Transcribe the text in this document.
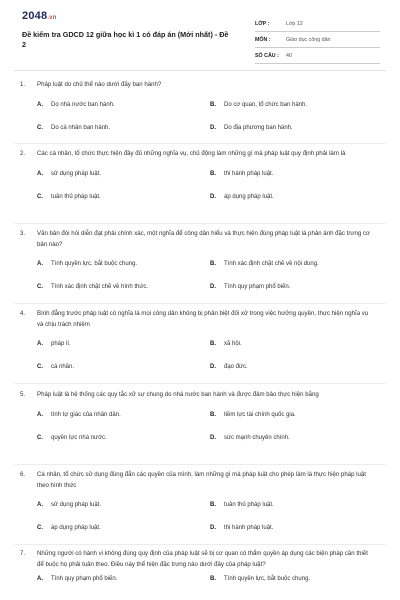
2048.vn
Đề kiểm tra GDCD 12 giữa học kì 1 có đáp án (Mới nhất) - Đề 2
LỚP :	Lớp 12
MÔN :	Giáo dục công dân
SỐ CÂU :	40
1.	Pháp luật do chủ thể nào dưới đây ban hành?
A.	Do nhà nước ban hành.	B.	Do cơ quan, tổ chức ban hành.
C.	Do cá nhân ban hành.	D.	Do địa phương ban hành.
2.	Các cá nhân, tổ chức thực hiện đầy đủ những nghĩa vụ, chủ động làm những gì mà pháp luật quy định phải làm là
A.	sử dụng pháp luật.	B.	thi hành pháp luật.
C.	tuân thủ pháp luật.	D.	áp dụng pháp luật.
3.	Văn bản đòi hỏi diễn đạt phải chính xác, một nghĩa để công dân hiểu và thực hiện đúng pháp luật là phản ánh đặc trưng cơ bản nào?
A.	Tính quyền lực, bắt buộc chung.	B.	Tính xác định chặt chẽ về nội dung.
C.	Tính xác định chặt chẽ về hình thức.	D.	Tính quy phạm phổ biến.
4.	Bình đẳng trước pháp luật có nghĩa là mọi công dân không bị phân biệt đối xử trong việc hưởng quyền, thực hiện nghĩa vụ và chịu trách nhiệm
A.	pháp lí.	B.	xã hội.
C.	cá nhân.	D.	đạo đức.
5.	Pháp luật là hệ thống các quy tắc xử sự chung do nhà nước ban hành và được đảm bảo thực hiện bằng
A.	tính tự giác của nhân dân.	B.	tiềm lực tài chính quốc gia.
C.	quyền lực nhà nước.	D.	sức mạnh chuyên chính.
6.	Cá nhân, tổ chức sử dụng đúng đắn các quyền của mình, làm những gì mà pháp luật cho phép làm là thực hiện pháp luật theo hình thức
A.	sử dụng pháp luật.	B.	tuân thủ pháp luật.
C.	áp dụng pháp luật.	D.	thi hành pháp luật.
7.	Những người có hành vi không đúng quy định của pháp luật sẽ bị cơ quan có thẩm quyền áp dụng các biện pháp cần thiết để buộc họ phải tuân theo. Điều này thể hiện đặc trưng nào dưới đây của pháp luật?
A.	Tính quy phạm phổ biến.	B.	Tính quyền lực, bắt buộc chung.
